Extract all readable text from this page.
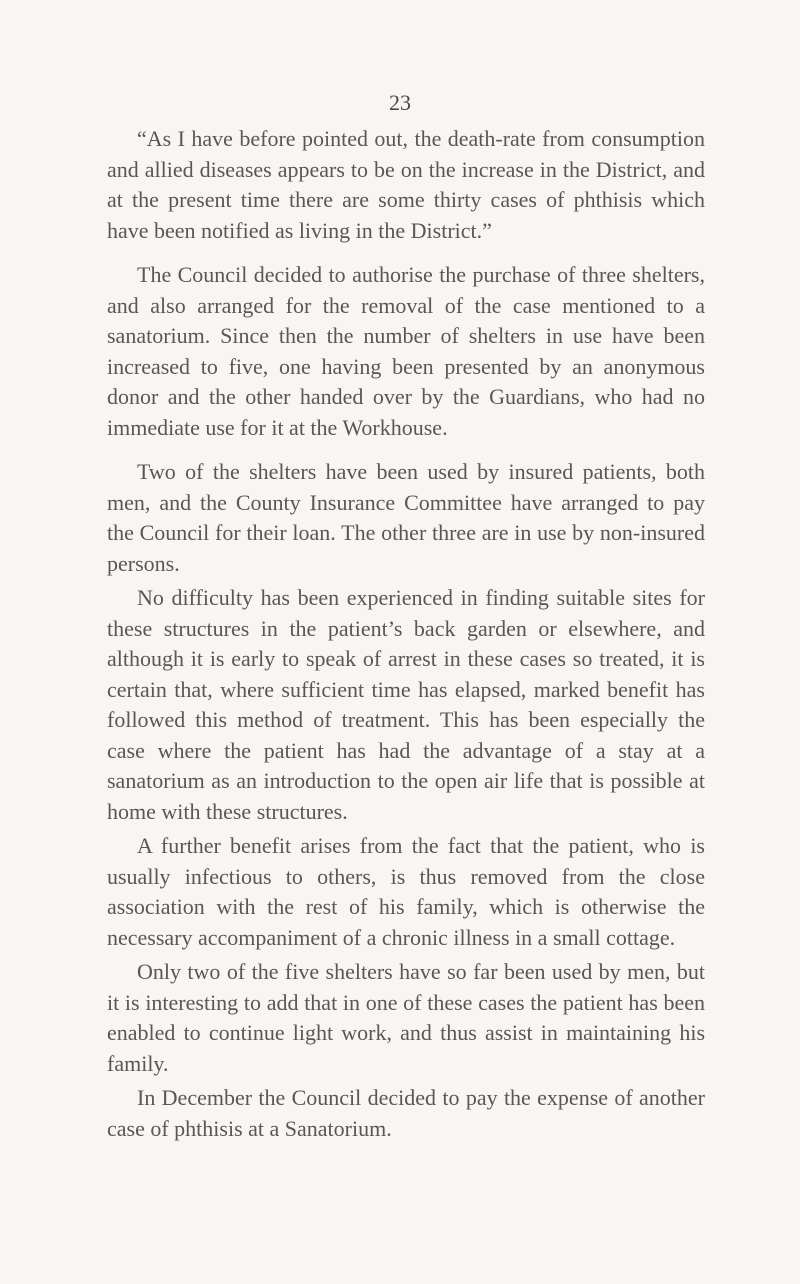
23

“As I have before pointed out, the death-rate from consumption and allied diseases appears to be on the increase in the District, and at the present time there are some thirty cases of phthisis which have been notified as living in the District.”

The Council decided to authorise the purchase of three shelters, and also arranged for the removal of the case mentioned to a sanatorium. Since then the number of shelters in use have been increased to five, one having been presented by an anonymous donor and the other handed over by the Guardians, who had no immediate use for it at the Workhouse.

Two of the shelters have been used by insured patients, both men, and the County Insurance Committee have arranged to pay the Council for their loan. The other three are in use by non-insured persons.

No difficulty has been experienced in finding suitable sites for these structures in the patient’s back garden or elsewhere, and although it is early to speak of arrest in these cases so treated, it is certain that, where sufficient time has elapsed, marked benefit has followed this method of treatment. This has been especially the case where the patient has had the advantage of a stay at a sanatorium as an introduction to the open air life that is possible at home with these structures.

A further benefit arises from the fact that the patient, who is usually infectious to others, is thus removed from the close association with the rest of his family, which is otherwise the necessary accompaniment of a chronic illness in a small cottage.

Only two of the five shelters have so far been used by men, but it is interesting to add that in one of these cases the patient has been enabled to continue light work, and thus assist in maintaining his family.

In December the Council decided to pay the expense of another case of phthisis at a Sanatorium.
